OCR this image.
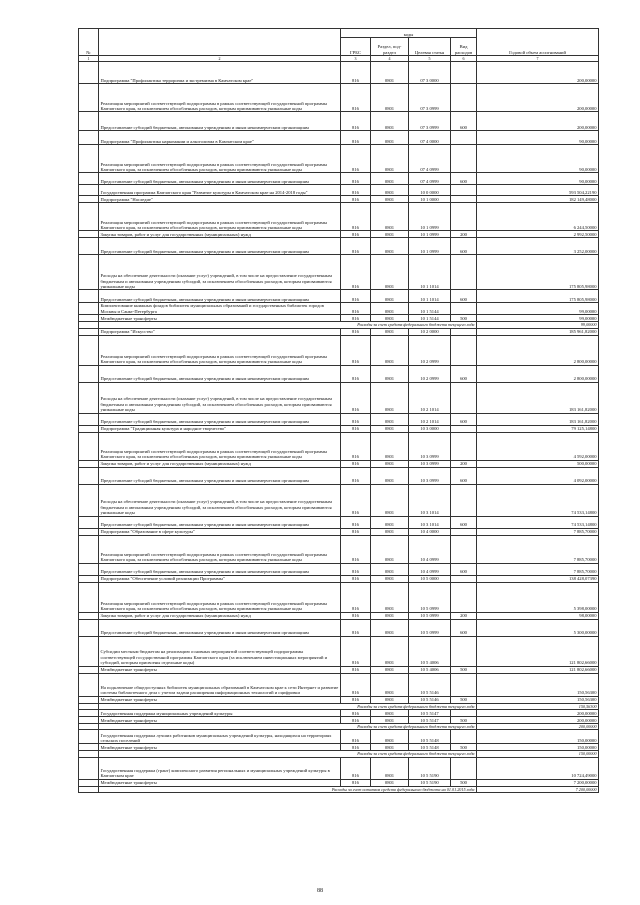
№		коды				Годовой объем ассигнований
		ГРБС	Раздел, под- раздел	Целевая статья	Вид расходов	
1	2	3	4	5	6	7
	Подпрограмма "Профилактика терроризма и экстремизма в Камчатском крае"	816	0801	07 3 0000		200,00000
	Реализация мероприятий соответствующей подпрограммы в рамках соответствующей государственной программы Камчатского края, за исключением обособленных расходов, которым присваиваются уникальные коды	816	0801	07 3 0999		200,00000
	Предоставление субсидий бюджетным, автономным учреждениям и иным некоммерческим организациям	816	0801	07 3 0999	600	200,00000
	Подпрограмма "Профилактика наркомании и алкоголизма в Камчатском крае"	816	0801	07 4 0000		90,00000
	Реализация мероприятий соответствующей подпрограммы в рамках соответствующей государственной программы Камчатского края, за исключением обособленных расходов, которым присваиваются уникальные коды	816	0801	07 4 0999		90,00000
	Предоставление субсидий бюджетным, автономным учреждениям и иным некоммерческим организациям	816	0801	07 4 0999	600	90,00000
	Государственная программа Камчатского края "Развитие культуры в Камчатском крае на 2014-2018 годы"	816	0801	10 0 0000		593 504,22190
	Подпрограмма "Наследие"	816	0801	10 1 0000		182 149,48000
	Реализация мероприятий соответствующей подпрограммы в рамках соответствующей государственной программы Камчатского края, за исключением обособленных расходов, которым присваиваются уникальные коды	816	0801	10 1 0999		6 244,50000
	Закупка товаров, работ и услуг для государственных (муниципальных) нужд	816	0801	10 1 0999	200	2 992,50000
	Предоставление субсидий бюджетным, автономным учреждениям и иным некоммерческим организациям	816	0801	10 1 0999	600	3 252,00000
	Расходы на обеспечение деятельности (оказание услуг) учреждений, в том числе на предоставление государственным бюджетным и автономным учреждениям субсидий, за исключением обособленных расходов, которым присваиваются уникальные коды	816	0801	10 1 1014		175 805,98000
	Предоставление субсидий бюджетным, автономным учреждениям и иным некоммерческим организациям	816	0801	10 1 1014	600	175 805,98000
	Комплектование книжных фондов библиотек муниципальных образований и государственных библиотек городов Москвы и Санкт-Петербурга	816	0801	10 1 5144		99,00000
	Межбюджетные трансферты	816	0801	10 1 5144	500	99,00000
	Расходы за счет средств федерального бюджета текущего года					99,00000
	Подпрограмма "Искусство"	816	0801	10 2 0000		185 961,82000
	Реализация мероприятий соответствующей подпрограммы в рамках соответствующей государственной программы Камчатского края, за исключением обособленных расходов, которым присваиваются уникальные коды	816	0801	10 2 0999		2 800,00000
	Предоставление субсидий бюджетным, автономным учреждениям и иным некоммерческим организациям	816	0801	10 2 0999	600	2 800,00000
	Расходы на обеспечение деятельности (оказание услуг) учреждений, в том числе на предоставление государственным бюджетным и автономным учреждениям субсидий, за исключением обособленных расходов, которым присваиваются уникальные коды	816	0801	10 2 1014		183 161,82000
	Предоставление субсидий бюджетным, автономным учреждениям и иным некоммерческим организациям	816	0801	10 2 1014	600	183 161,82000
	Подпрограмма "Традиционная культура и народное творчество"	816	0801	10 3 0000		79 125,14800
	Реализация мероприятий соответствующей подпрограммы в рамках соответствующей государственной программы Камчатского края, за исключением обособленных расходов, которым присваиваются уникальные коды	816	0801	10 3 0999		4 592,00000
	Закупка товаров, работ и услуг для государственных (муниципальных) нужд	816	0801	10 3 0999	200	500,00000
	Предоставление субсидий бюджетным, автономным учреждениям и иным некоммерческим организациям	816	0801	10 3 0999	600	4 092,00000
	Расходы на обеспечение деятельности (оказание услуг) учреждений, в том числе на предоставление государственным бюджетным и автономным учреждениям субсидий, за исключением обособленных расходов, которым присваиваются уникальные коды	816	0801	10 3 1014		74 533,14800
	Предоставление субсидий бюджетным, автономным учреждениям и иным некоммерческим организациям	816	0801	10 3 1014	600	74 533,14800
	Подпрограмма "Образование в сфере культуры"	816	0801	10 4 0000		7 885,70000
	Реализация мероприятий соответствующей подпрограммы в рамках соответствующей государственной программы Камчатского края, за исключением обособленных расходов, которым присваиваются уникальные коды	816	0801	10 4 0999		7 885,70000
	Предоставление субсидий бюджетным, автономным учреждениям и иным некоммерческим организациям	816	0801	10 4 0999	600	7 885,70000
	Подпрограмма "Обеспечение условий реализации Программы"	816	0801	10 5 0000		138 428,07390
	Реализация мероприятий соответствующей подпрограммы в рамках соответствующей государственной программы Камчатского края, за исключением обособленных расходов, которым присваиваются уникальные коды	816	0801	10 5 0999		5 398,00000
	Закупка товаров, работ и услуг для государственных (муниципальных) нужд	816	0801	10 5 0999	200	98,00000
	Предоставление субсидий бюджетным, автономным учреждениям и иным некоммерческим организациям	816	0801	10 5 0999	600	5 300,00000
	Субсидии местным бюджетам на реализацию основных мероприятий соответствующей подпрограммы соответствующей государственной программы Камчатского края (за исключением инвестиционных мероприятий и субсидий, которым присвоены отдельные коды)	816	0801	10 5 4006		121 802,66000
	Межбюджетные трансферты	816	0801	10 5 4006	500	121 802,66000
	На подключение общедоступных библиотек муниципальных образований в Камчатском крае к сети Интернет и развитие системы библиотечного дела с учетом задачи расширения информационных технологий и оцифровки	816	0801	10 5 5146		150,56300
	Межбюджетные трансферты	816	0801	10 5 5146	500	150,56300
	Расходы за счет средств федерального бюджета текущего года					150,56300
	Государственная поддержка муниципальных учреждений культуры	816	0801	10 5 5147		200,00000
	Межбюджетные трансферты	816	0801	10 5 5147	500	200,00000
	Расходы за счет средств федерального бюджета текущего года					200,00000
	Государственная поддержка лучших работников муниципальных учреждений культуры, находящихся на территориях сельских поселений	816	0801	10 5 5148		150,00000
	Межбюджетные трансферты	816	0801	10 5 5148	500	150,00000
	Расходы за счет средств федерального бюджета текущего года					150,00000
	Государственная поддержка (грант) комплексного развития региональных и муниципальных учреждений культуры в Камчатском крае	816	0801	10 5 5190		10 724,49000
	Межбюджетные трансферты	816	0801	10 5 5190	500	7 200,00000
	Расходы за счет остатков средств федерального бюджета на 01.01.2015 года					7 200,00000
88
